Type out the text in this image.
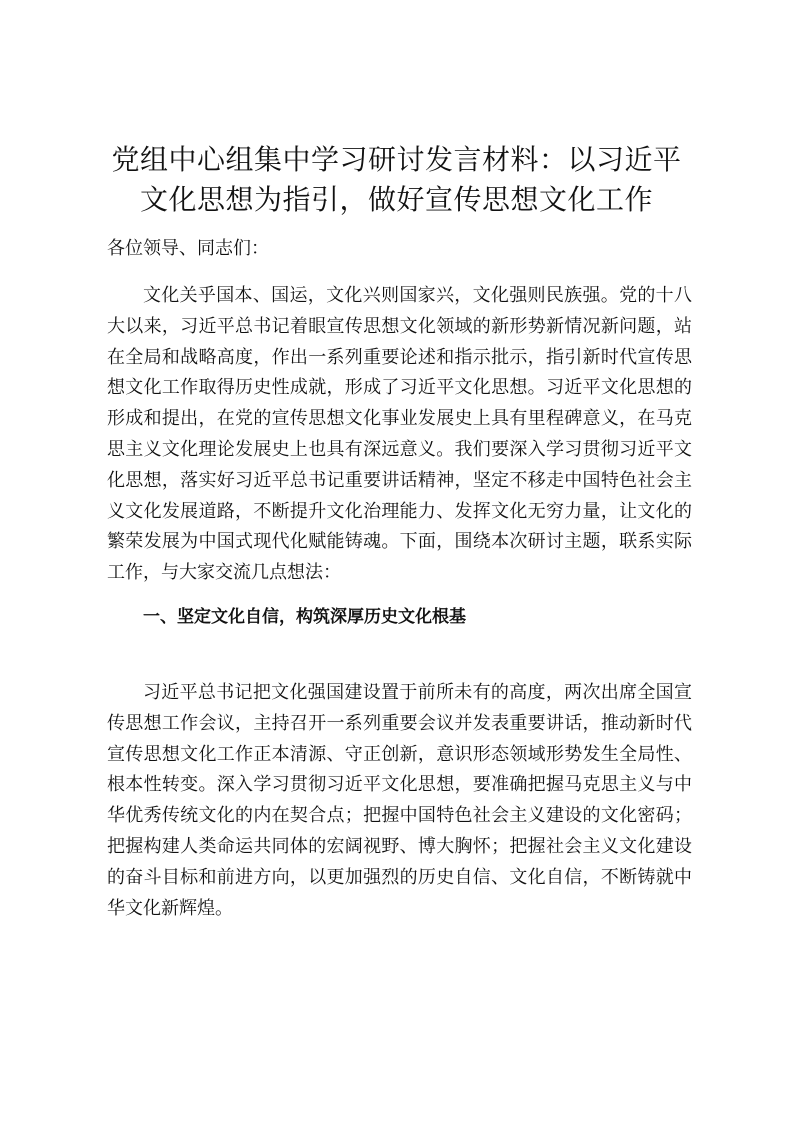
党组中心组集中学习研讨发言材料：以习近平
文化思想为指引，做好宣传思想文化工作

各位领导、同志们：

文化关乎国本、国运，文化兴则国家兴，文化强则民族强。党的十八大以来，习近平总书记着眼宣传思想文化领域的新形势新情况新问题，站在全局和战略高度，作出一系列重要论述和指示批示，指引新时代宣传思想文化工作取得历史性成就，形成了习近平文化思想。习近平文化思想的形成和提出，在党的宣传思想文化事业发展史上具有里程碑意义，在马克思主义文化理论发展史上也具有深远意义。我们要深入学习贯彻习近平文化思想，落实好习近平总书记重要讲话精神，坚定不移走中国特色社会主义文化发展道路，不断提升文化治理能力、发挥文化无穷力量，让文化的繁荣发展为中国式现代化赋能铸魂。下面，围绕本次研讨主题，联系实际工作，与大家交流几点想法：

一、坚定文化自信，构筑深厚历史文化根基

习近平总书记把文化强国建设置于前所未有的高度，两次出席全国宣传思想工作会议，主持召开一系列重要会议并发表重要讲话，推动新时代宣传思想文化工作正本清源、守正创新，意识形态领域形势发生全局性、根本性转变。深入学习贯彻习近平文化思想，要准确把握马克思主义与中华优秀传统文化的内在契合点；把握中国特色社会主义建设的文化密码；把握构建人类命运共同体的宏阔视野、博大胸怀；把握社会主义文化建设的奋斗目标和前进方向，以更加强烈的历史自信、文化自信，不断铸就中华文化新辉煌。
